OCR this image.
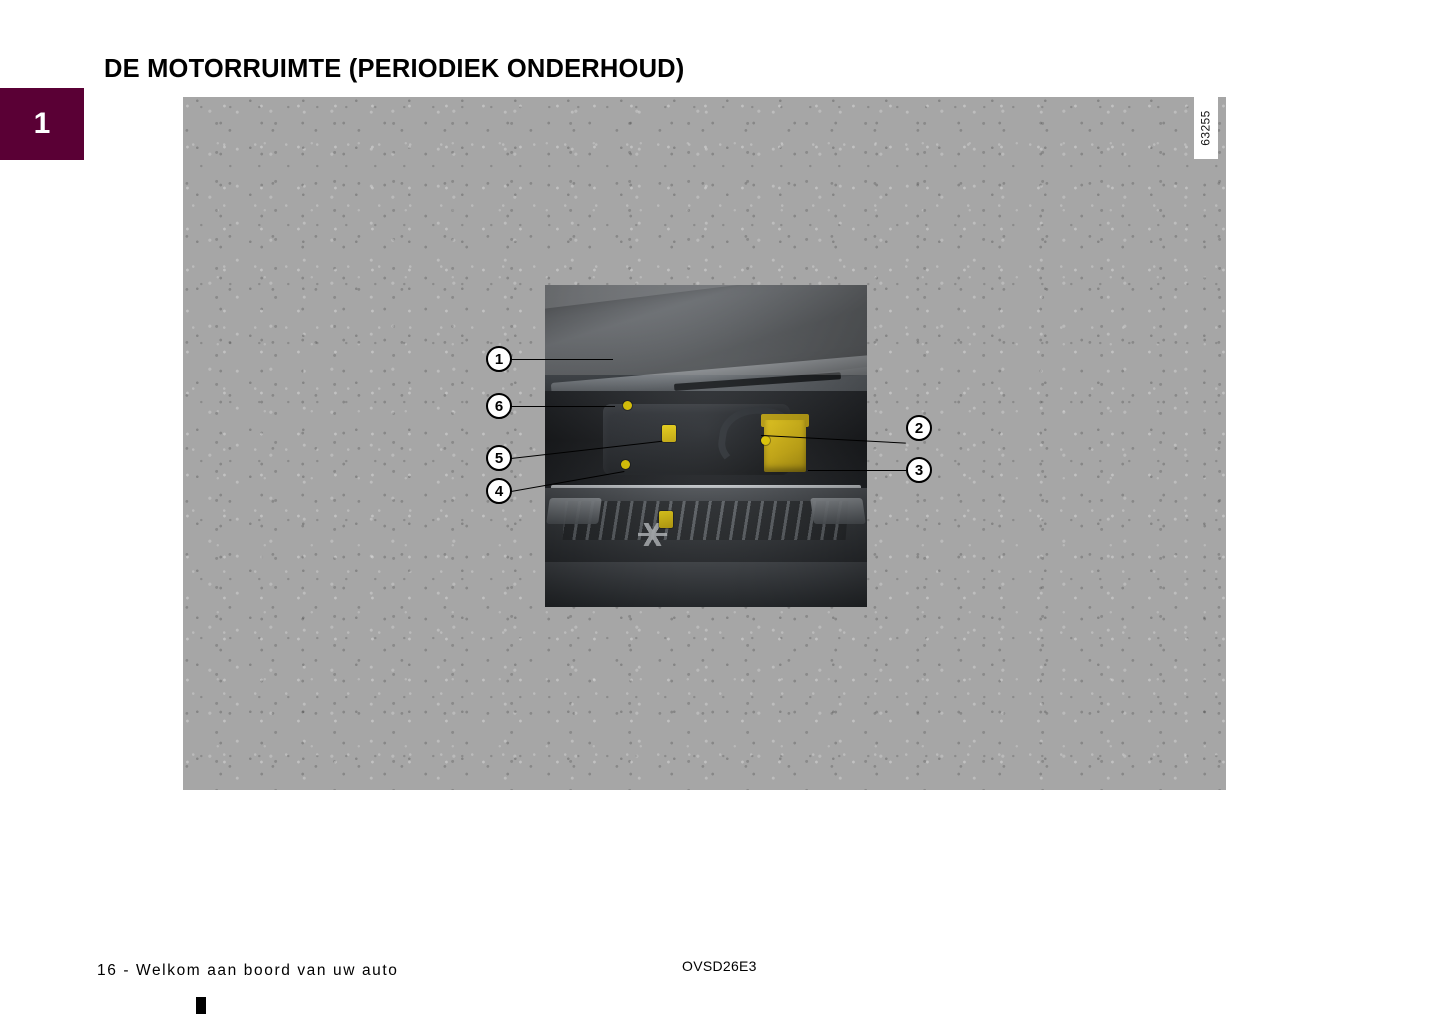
1
DE MOTORRUIMTE (PERIODIEK ONDERHOUD)
63255
1
6
5
4
2
3
16 - Welkom aan boord van uw auto	OVSD26E3
